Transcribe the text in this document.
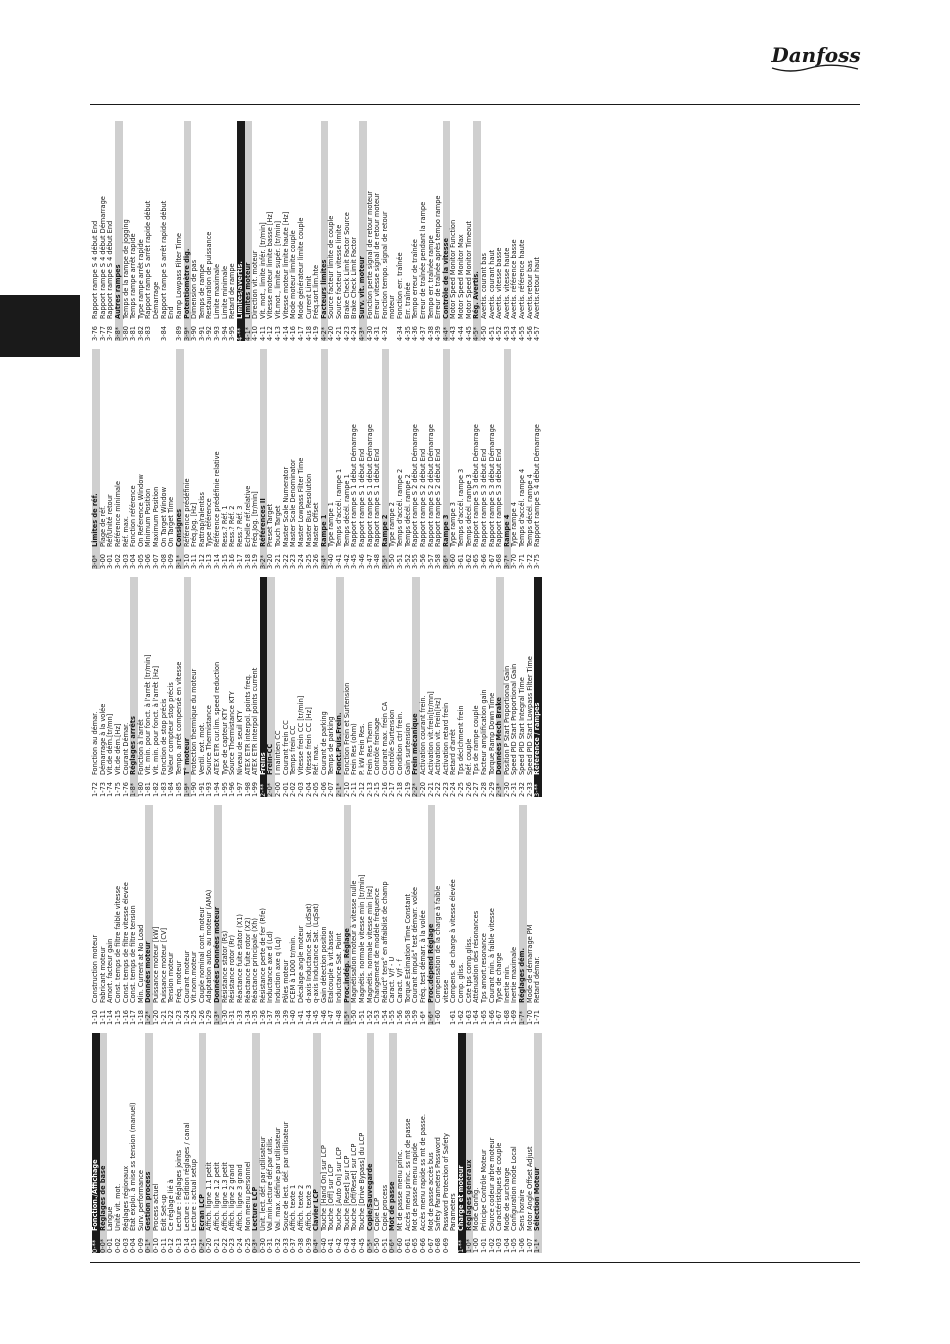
Danfoss
0-**
Fonction./Affichage
0-0*
Réglages de base
0-01
Langue
0-02
Unité vit. mot.
0-03
Réglages régionaux
0-04
État exploi. à mise ss tension (manuel)
0-09
Surv. performance
0-1*
Gestion process
0-10
Process actuel
0-11
Edit Set-up
0-12
Ce réglage lié à
0-13
Lecture : Réglages joints
0-14
Lecture : Edition réglages / canal
0-15
Lecture : actual setup
0-2*
Ecran LCP
0-20
Affich. ligne 1.1 petit
0-21
Affich. ligne 1.2 petit
0-22
Affich. ligne 1.3 petit
0-23
Affich. ligne 2 grand
0-24
Affich. ligne 3 grand
0-25
Mon menu personnel
0-3*
Lecture LCP
0-30
Unit. lect. déf. par utilisateur
0-31
Val.min.lecture déf.par utilis.
0-32
Val. max. définie par utilisateur
0-33
Souce de lect. déf. par utilisateur
0-37
Affich. texte 1
0-38
Affich. texte 2
0-39
Affich. texte 3
0-4*
Clavier LCP
0-40
Touche [Hand On] sur LCP
0-41
Touche [Off] sur LCP
0-42
Touche [Auto On] sur LCP
0-43
Touche [Reset] sur LCP
0-44
Touche [Off/Reset] sur LCP
0-45
Touche [Drive Bypass] du LCP
0-5*
Copie/Sauvegarde
0-50
Copie LCP
0-51
Copie process
0-6*
Mot de passe
0-60
Mt de passe menu princ.
0-61
Accès menu princ. ss mt de passe
0-65
Mot de passe menu rapide
0-66
Accès menu rapide ss mt de passe.
0-67
Mot de passe accès bus
0-68
Safety Parameters Password
0-69
Password Protection of Safety Parameters
1-**
Charge et moteur
1-0*
Réglages généraux
1-00
Mode Config.
1-01
Principe Contrôle Moteur
1-02
Source codeur arbre moteur
1-03
Caractéristiques de couple
1-04
Mode de surcharge
1-05
Configuration mode Local
1-06
Sens horaire
1-07
Motor Angle Offset Adjust
1-1*
Sélection Moteur
1-10
Construction moteur
1-11
Fabricant moteur
1-14
Amort. facteur gain
1-15
Const. temps de filtre faible vitesse
1-16
Const. temps de filtre vitesse élevée
1-17
Const. temps de filtre tension
1-18
Min. Current at No Load
1-2*
Données moteur
1-20
Puissance moteur [kW]
1-21
Puissance moteur [CV]
1-22
Tension moteur
1-23
Fréq. moteur
1-24
Courant moteur
1-25
Vit.nom.moteur
1-26
Couple nominal cont. moteur
1-29
Adaptation auto. au moteur (AMA)
1-3*
Données Données moteur
1-30
Résistance stator (Rs)
1-31
Résistance rotor (Rr)
1-33
Réactance fuite stator (X1)
1-34
Réactance fuite rotor (X2)
1-35
Réactance principale (Xh)
1-36
Résistance perte de fer (Rfe)
1-37
Inductance axe d (Ld)
1-38
Induction axe q (Lq)
1-39
Pôles moteur
1-40
FCEM à 1000 tr/min.
1-41
Décalage angle moteur
1-44
d-axis Inductance Sat. (LdSat)
1-45
q-axis Inductance Sat. (LqSat)
1-46
Gain détection position
1-47
Etalcouple à vit.basse
1-48
Inductance Sat. Point
1-5*
Proc.indép. Réglage
1-50
Magnétisation moteur à vitesse nulle
1-51
Magnétis. normale vitesse min [tr/min]
1-52
Magnétis. normale vitesse min [Hz]
1-53
Changement de modèle fréquence
1-54
Réduct° tens° en affaiblist de champ
1-55
Caract. V/f - U
1-56
Caract. V/f - f
1-58
Torque Estimation Time Constant
1-59
Courant impuls° test démarr. volée
1-6*
Fréq. test démarr. à la volée
1-6*
Proc.dépend Réglage
1-60
Compensation de la charge à faible vitesse
1-61
Compens. de charge à vitesse élevée
1-62
Comp. gliss.
1-63
Cste tps comp.gliss.
1-64
Atténuation des résonances
1-65
Tps amort.resonance
1-66
Courant min. à faible vitesse
1-67
Type de charge
1-68
Inertie min.
1-69
Inertie maximale
1-7*
Réglages dém.
1-70
Mode de démarrage PM
1-71
Retard démar.
1-72
Fonction au démar.
1-73
Démarrage à la volée
1-74
Vit.de dém.[tr/mn]
1-75
Vit.de dém.[Hz]
1-76
Courant Démar.
1-8*
Réglages arrêts
1-80
Fonction à l'arrêt
1-81
Vit. min. pour fonct. à l'arrêt [tr/min]
1-82
Vit. min. pour fonct. à l'arrêt [Hz]
1-83
Fonction de stop précis
1-84
Valeur compteur stop précis
1-85
Tempo. arrêt compensé en vitesse
1-9*
T° moteur
1-90
Protection thermique du moteur
1-91
Ventil. ext. mot.
1-93
Source Thermistance
1-94
ATEX ETR cur.lim. speed reduction
1-95
Type de capteur KTY
1-96
Source Thermistance KTY
1-97
Niveau de seuil KTY
1-98
ATEX ETR interpol. points freq.
1-99
ATEX ETR interpol points current
2-**
Freins
2-0*
Frein-CC
2-00
I maintien CC
2-01
Courant frein CC
2-02
Temps frein CC
2-03
Vitesse frein CC [tr/min]
2-04
Vitesse frein CC [Hz]
2-05
Réf. max.
2-06
Courant de parking
2-07
Temps de parking
2-1*
Fonct.Puis.Frein.
2-10
Fonction Frein et Surtension
2-11
Frein Res (ohm)
2-12
P. kW Frein Res.
2-13
Frein Res Therm
2-15
Contrôle freinage
2-16
Courant max. frein CA
2-17
Contrôle Surtension
2-18
Condition ctrl frein.
2-19
Gain surtension
2-2*
Frein mécanique
2-20
Activation courant frein.
2-21
Activation vit.frein[tr/mn]
2-22
Activation vit. Frein[Hz]
2-23
Activation retard frein
2-24
Retard d'arrêt
2-25
Tps déclchment frein
2-26
Réf. couple
2-27
Tps de rampe couple
2-28
Facteur amplification gain
2-29
Torque Ramp Down Time
2-3*
Données Mech Brake
2-30
Position P Start Proportional Gain
2-31
Speed PID Start Proportional Gain
2-32
Speed PID Start Integral Time
2-33
Speed PID Start Lowpass Filter Time
3-**
Référence / rampes
3-0*
Limites de réf.
3-00
Plage de réf.
3-01
Réf/Unité retour
3-02
Référence minimale
3-03
Réf. max.
3-04
Fonction référence
3-05
On Reference Window
3-06
Minimum Position
3-07
Maximum Position
3-08
On Target Window
3-09
On Target Time
3-1*
Consignes
3-10
Référence prédéfinie
3-11
Fréq.Jog. [Hz]
3-12
Rattrap/ralentiss
3-13
Type référence
3-14
Référence prédéfinie relative
3-15
Ress.? Réf. 1
3-16
Ress.? Réf. 2
3-17
Ress.? Réf. 3
3-18
Echelle réf.relative
3-19
Fréq.Jog. [tr/min]
3-2*
Références II
3-20
Preset Target
3-21
Touch Target
3-22
Master Scale Numerator
3-23
Master Scale Denominator
3-24
Master Lowpass Filter Time
3-25
Master Bus Resolution
3-26
Master Offset
3-4*
Rampe 1
3-40
Type rampe 1
3-41
Temps d'accél. rampe 1
3-42
Temps décél. rampe 1
3-45
Rapport rampe S 1 début Démarrage
3-46
Rapport rampe S 1 début End
3-47
Rapport rampe S 1 début Démarrage
3-48
Rapport rampe S 1 début End
3-5*
Rampe 2
3-50
Type rampe 2
3-51
Temps d'accél. rampe 2
3-52
Temps décél. rampe 2
3-55
Rapport rampe S 2 début Démarrage
3-56
Rapport rampe S 2 début End
3-57
Rapport rampe S 2 début Démarrage
3-58
Rapport rampe S 2 début End
3-6*
Rampe 3
3-60
Type rampe 3
3-61
Temps d'accél. rampe 3
3-62
Temps décél. rampe 3
3-65
Rapport rampe S 3 début Démarrage
3-66
Rapport rampe S 3 début End
3-67
Rapport rampe S 3 début Démarrage
3-68
Rapport rampe S 3 début End
3-7*
Rampe 4
3-70
Type rampe 4
3-71
Temps d'accél. rampe 4
3-72
Temps décél. rampe 4
3-75
Rapport rampe S 4 début Démarrage
3-76
Rapport rampe S 4 début End
3-77
Rapport rampe S 4 début Démarrage
3-78
Rapport rampe S 4 début End
3-8*
Autres rampes
3-80
Temps de la rampe de jogging
3-81
Temps rampe arrêt rapide
3-82
Type rampe arrêt rapide
3-83
Rapport rampe S arrêt rapide début Démarrage
3-84
Rapport rampe S arrêt rapide début End
3-89
Ramp Lowpass Filter Time
3-9*
Potentiomètre dig.
3-90
Dimension de pas
3-91
Temps de rampe
3-92
Restauration de puissance
3-93
Limite maximale
3-94
Limite minimale
3-95
Retard de rampe
4-**
Limites/avertis.
4-1*
Limites moteur
4-10
Direction vit. moteur
4-11
Vit. mot., limite infér. [tr/min]
4-12
Vitesse moteur limite basse [Hz]
4-13
Vit.mot., limite supér. [tr/min]
4-14
Vitesse moteur limite haute [Hz]
4-16
Mode moteur limite couple
4-17
Mode générateur limite couple
4-18
Current Limit
4-19
Fréq.sort.lim.hte
4-2*
Facteurs limites
4-20
Source facteur limite de couple
4-21
Source facteur vitesse limite
4-23
Brake Check Limit Factor Source
4-24
Brake Check Limit Factor
4-3*
Surv. vit. moteur
4-30
Fonction perte signal de retour moteur
4-31
Erreur vitesse signal de retour moteur
4-32
Fonction tempo. signal de retour moteur
4-34
Fonction err. traînée
4-35
Err. traînée
4-36
Tempo erreur de traînée
4-37
Erreur de traînée pendant la rampe
4-38
Tempo err. traînée rampe
4-39
Erreur de traînée après tempo rampe
4-4*
Contrôle de la vitesse
4-43
Motor Speed Monitor Function
4-44
Motor Speed Monitor Max
4-45
Motor Speed Monitor Timeout
4-5*
Rég. Avertis.
4-50
Avertis. courant bas
4-51
Avertis. courant haut
4-52
Avertis. vitesse basse
4-53
Avertis. vitesse haute
4-54
Avertis. référence basse
4-55
Avertis. référence haute
4-56
Avertis.retour bas
4-57
Avertis.retour haut
